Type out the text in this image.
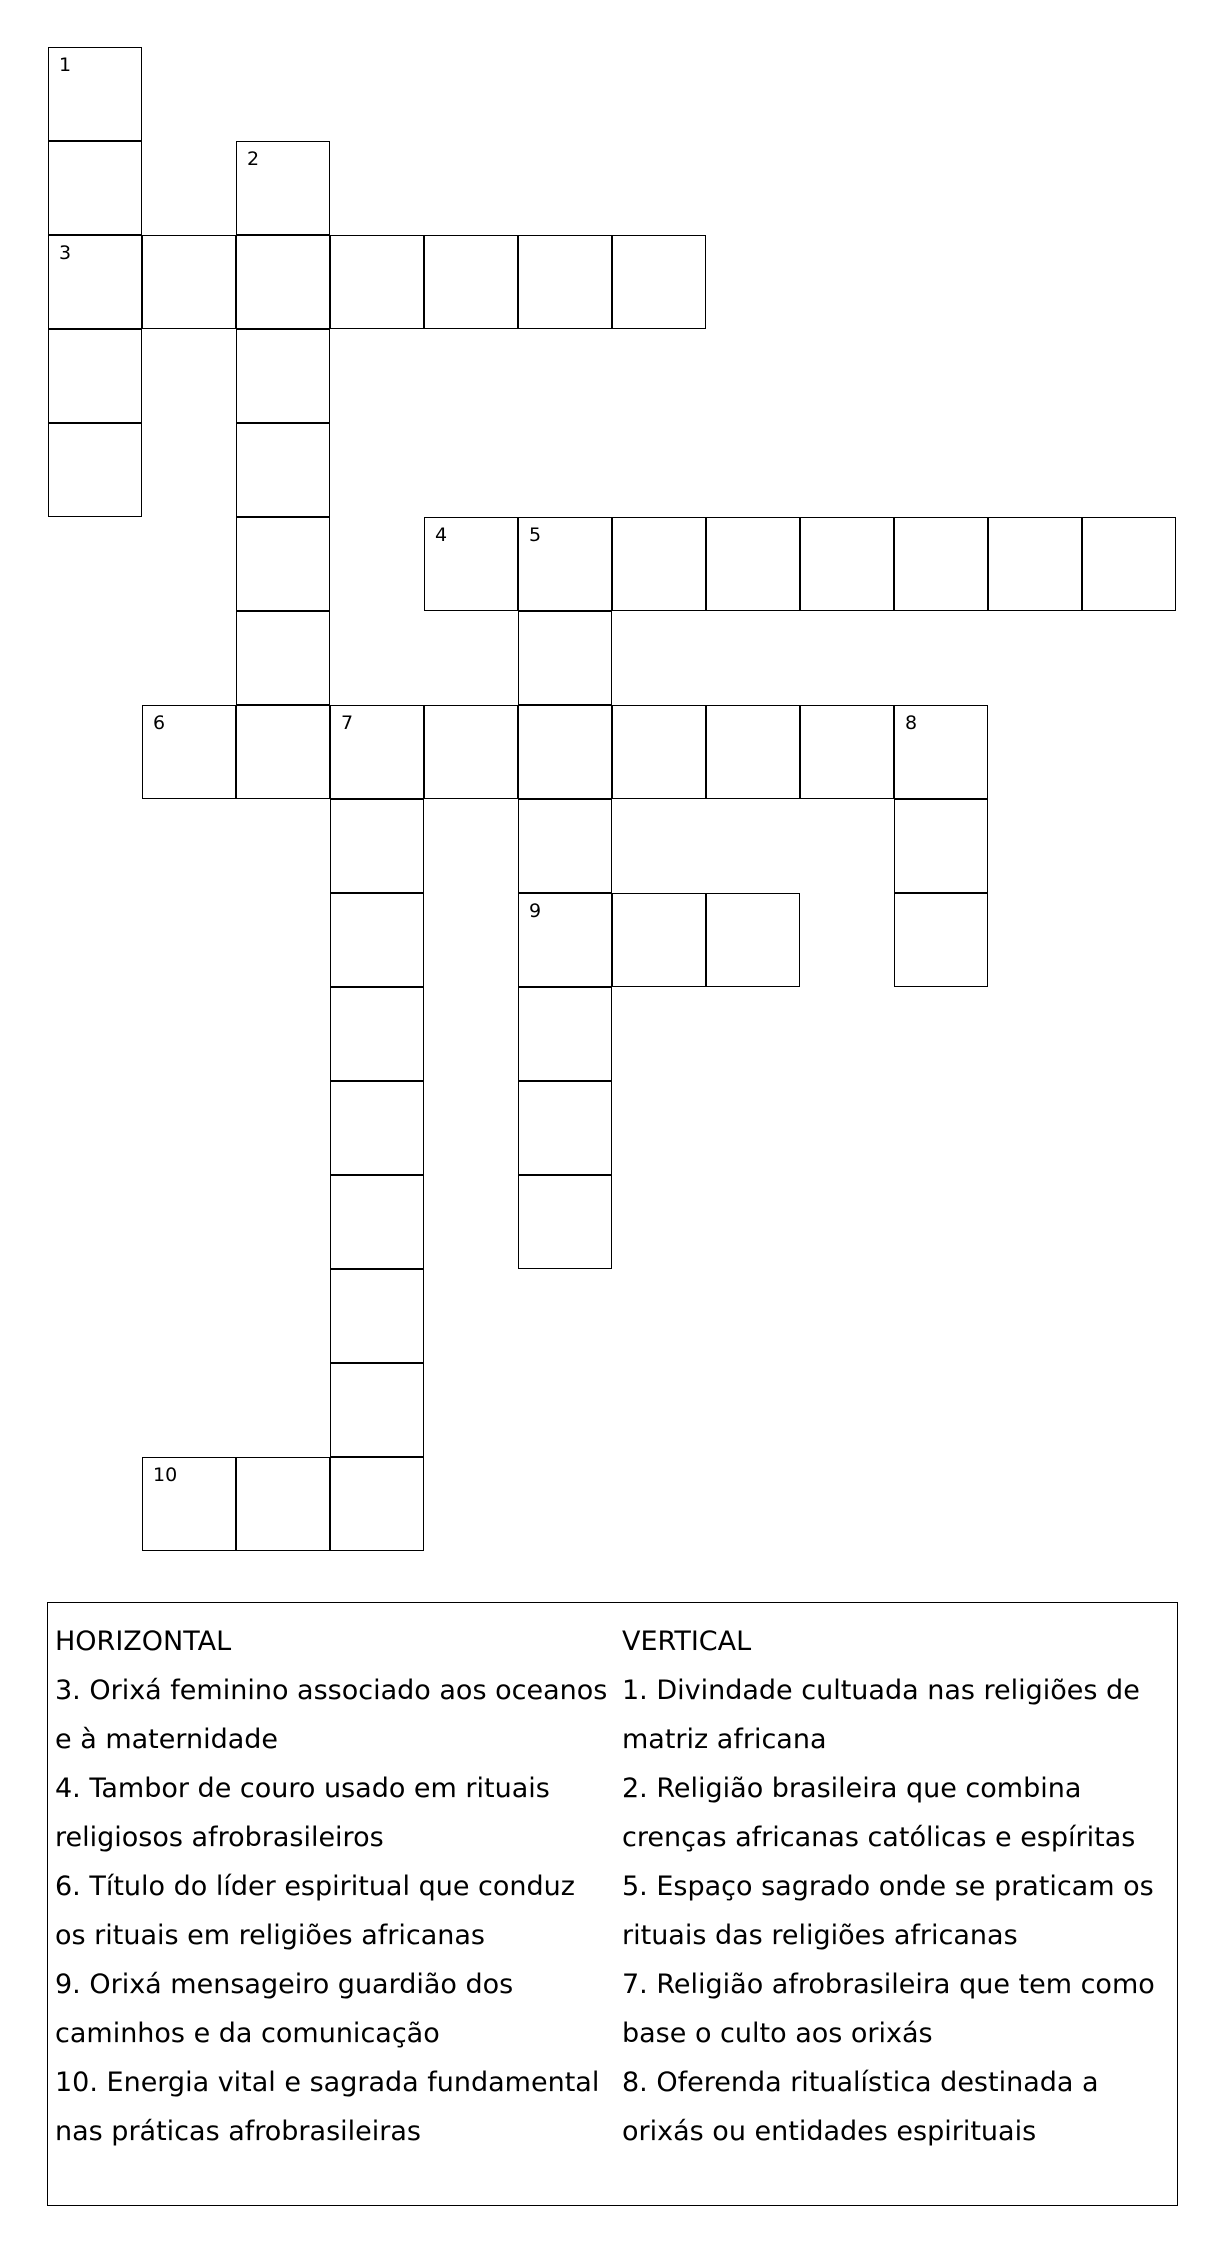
1
3
2
4	5
9
6	7	8
10
HORIZONTAL
3. Orixá feminino associado aos oceanos
e à maternidade
4. Tambor de couro usado em rituais
religiosos afrobrasileiros
6. Título do líder espiritual que conduz
os rituais em religiões africanas
9. Orixá mensageiro guardião dos
caminhos e da comunicação
10. Energia vital e sagrada fundamental
nas práticas afrobrasileiras
VERTICAL
1. Divindade cultuada nas religiões de
matriz africana
2. Religião brasileira que combina
crenças africanas católicas e espíritas
5. Espaço sagrado onde se praticam os
rituais das religiões africanas
7. Religião afrobrasileira que tem como
base o culto aos orixás
8. Oferenda ritualística destinada a
orixás ou entidades espirituais
